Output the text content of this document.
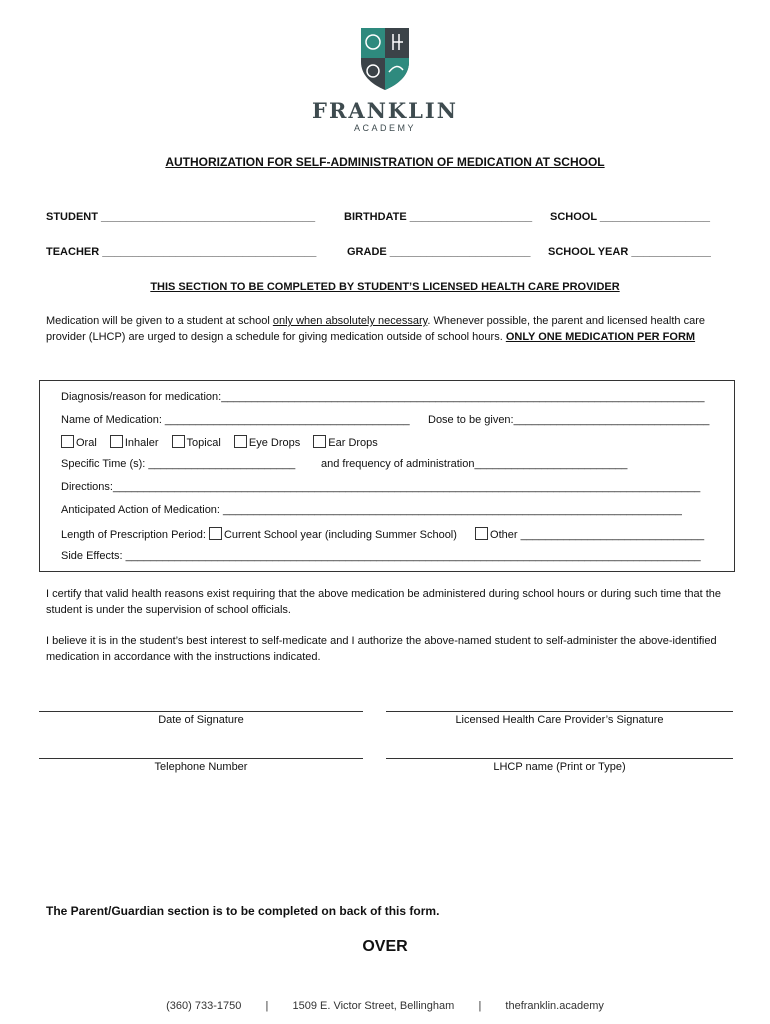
FRANKLIN
ACADEMY
AUTHORIZATION FOR SELF-ADMINISTRATION OF MEDICATION AT SCHOOL
STUDENT ___________________________________	BIRTHDATE ____________________ SCHOOL __________________
TEACHER ___________________________________	GRADE _______________________ SCHOOL YEAR _____________
THIS SECTION TO BE COMPLETED BY STUDENT’S LICENSED HEALTH CARE PROVIDER
Medication will be given to a student at school only when absolutely necessary. Whenever possible, the parent and licensed health care provider (LHCP) are urged to design a schedule for giving medication outside of school hours. ONLY ONE MEDICATION PER FORM
Diagnosis/reason for medication:_______________________________________________________________________________
Name of Medication: ________________________________________ Dose to be given:________________________________
Oral	Inhaler	Topical	Eye Drops	Ear Drops
Specific Time (s): ________________________ and frequency of administration_________________________
Directions:________________________________________________________________________________________________
Anticipated Action of Medication: ___________________________________________________________________________
Length of Prescription Period: Current School year (including Summer School)	Other ______________________________
Side Effects: ______________________________________________________________________________________________
I certify that valid health reasons exist requiring that the above medication be administered during school hours or during such time that the student is under the supervision of school officials.
I believe it is in the student’s best interest to self-medicate and I authorize the above-named student to self-administer the above-identified medication in accordance with the instructions indicated.
Date of Signature	Licensed Health Care Provider’s Signature
Telephone Number	LHCP name (Print or Type)
The Parent/Guardian section is to be completed on back of this form.
OVER
(360) 733-1750 | 1509 E. Victor Street, Bellingham | thefranklin.academy
